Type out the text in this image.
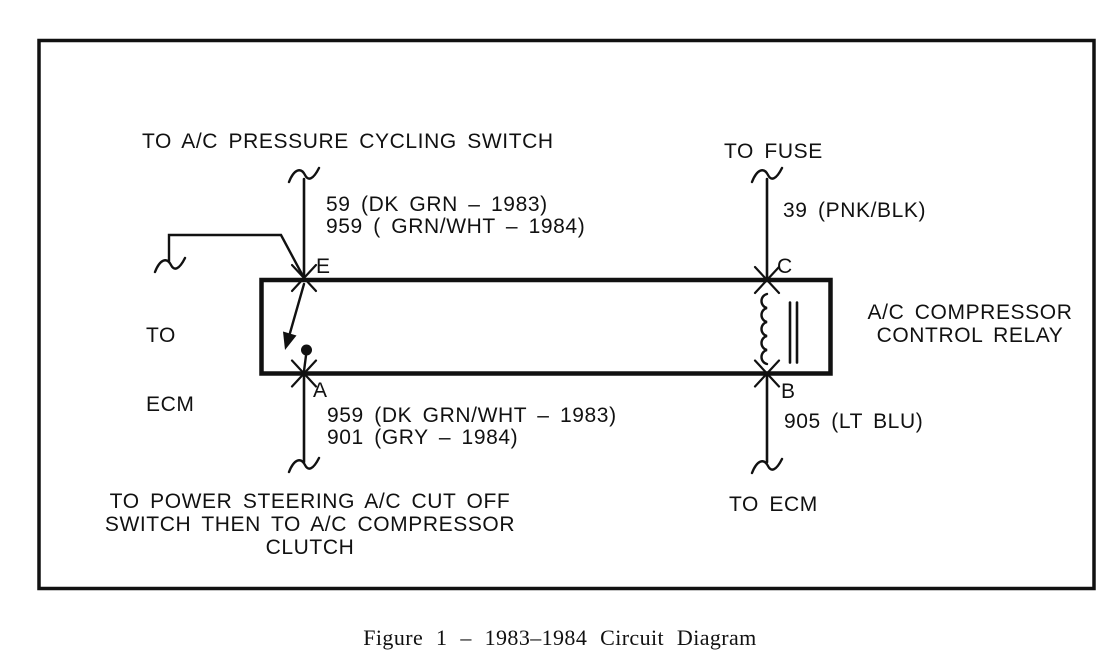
TO A/C PRESSURE CYCLING SWITCH
59 (DK GRN – 1983)
959 ( GRN/WHT – 1984)

TO

ECM

E
A
C
B
959 (DK GRN/WHT – 1983)
901 (GRY – 1984)
TO POWER STEERING A/C CUT OFF
SWITCH THEN TO A/C COMPRESSOR CLUTCH
TO FUSE
39 (PNK/BLK)
905 (LT BLU)
TO ECM
A/C COMPRESSOR
CONTROL RELAY
Figure 1 – 1983–1984 Circuit Diagram
